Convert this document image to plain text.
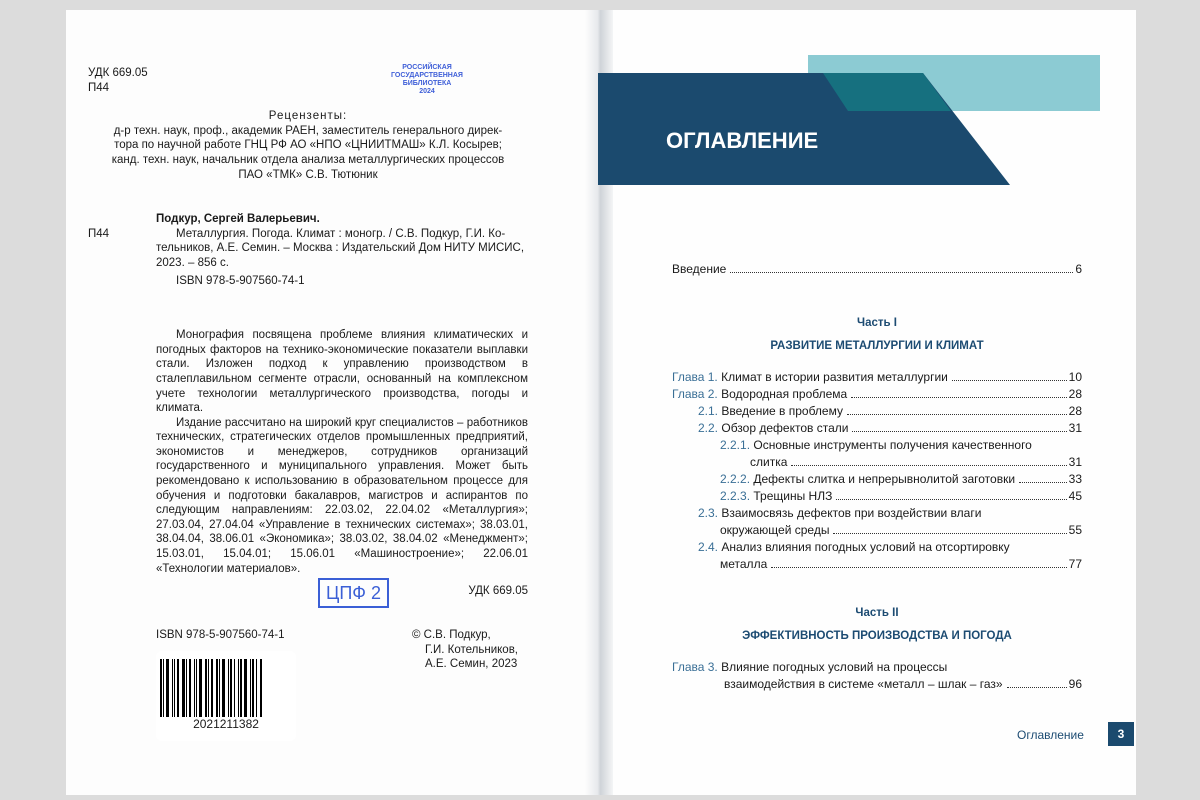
РОССИЙСКАЯ
ГОСУДАРСТВЕННАЯ
БИБЛИОТЕКА
2024
УДК 669.05
П44
Рецензенты:
д-р техн. наук, проф., академик РАЕН, заместитель генерального дирек-
тора по научной работе ГНЦ РФ АО «НПО «ЦНИИТМАШ» К.Л. Косырев;
канд. техн. наук, начальник отдела анализа металлургических процессов
ПАО «ТМК» С.В. Тютюник
Подкур, Сергей Валерьевич.
П44	Металлургия. Погода. Климат : моногр. / С.В. Подкур, Г.И. Ко-
тельников, А.Е. Семин. – Москва : Издательский Дом НИТУ МИСИС,
2023. – 856 с.
ISBN 978-5-907560-74-1
Монография посвящена проблеме влияния климатических и погодных факторов на технико-экономические показатели выплавки стали. Изложен подход к управлению производством в сталеплавильном сегменте отрасли, основанный на комплексном учете технологии металлургического производства, погоды и климата.
Издание рассчитано на широкий круг специалистов – работников технических, стратегических отделов промышленных предприятий, экономистов и менеджеров, сотрудников организаций государственного и муниципального управления. Может быть рекомендовано к использованию в образовательном процессе для обучения и подготовки бакалавров, магистров и аспирантов по следующим направлениям: 22.03.02, 22.04.02 «Металлургия»; 27.03.04, 27.04.04 «Управление в технических системах»; 38.03.01, 38.04.04, 38.06.01 «Экономика»; 38.03.02, 38.04.02 «Менеджмент»; 15.03.01, 15.04.01; 15.06.01 «Машиностроение»; 22.06.01 «Технологии материалов».
ЦПФ 2	УДК 669.05
ISBN 978-5-907560-74-1
2021211382
© С.В. Подкур,
Г.И. Котельников,
А.Е. Семин, 2023
ОГЛАВЛЕНИЕ
Введение	6
Часть I
РАЗВИТИЕ МЕТАЛЛУРГИИ И КЛИМАТ
Глава 1.
Климат в истории развития металлургии	10
Глава 2.
Водородная проблема	28
2.1.
Введение в проблему	28
2.2.
Обзор дефектов стали	31
2.2.1.
Основные инструменты получения качественного
слитка	31
2.2.2.
Дефекты слитка и непрерывнолитой заготовки	33
2.2.3.
Трещины НЛЗ	45
2.3.
Взаимосвязь дефектов при воздействии влаги
окружающей среды	55
2.4.
Анализ влияния погодных условий на отсортировку
металла	77
Часть II
ЭФФЕКТИВНОСТЬ ПРОИЗВОДСТВА И ПОГОДА
Глава 3.
Влияние погодных условий на процессы
взаимодействия в системе «металл – шлак – газ»	96
Оглавление	3
